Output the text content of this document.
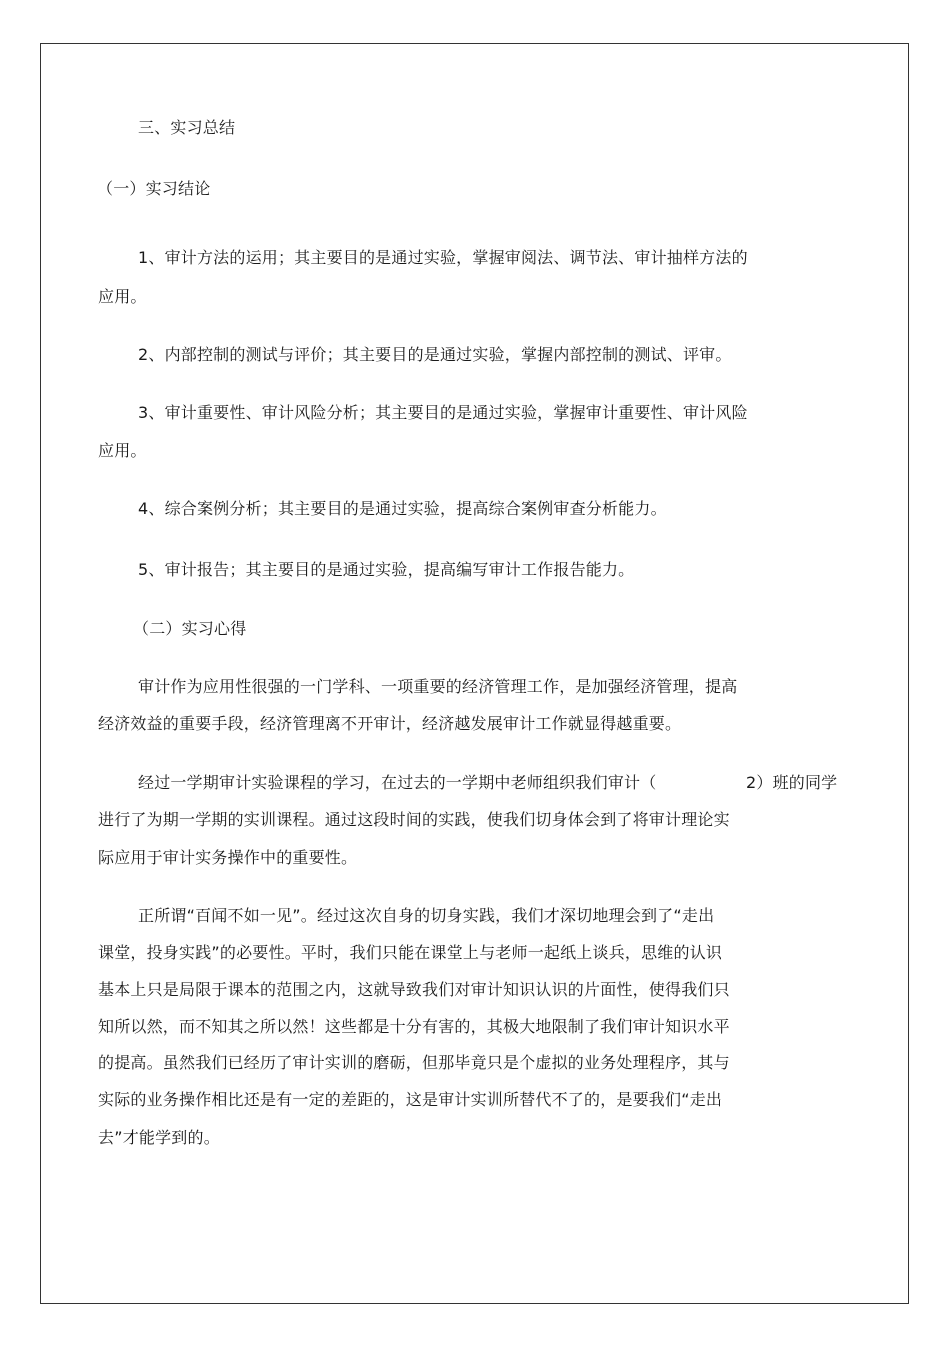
三、实习总结
（一）实习结论
1、审计方法的运用；其主要目的是通过实验，掌握审阅法、调节法、审计抽样方法的
应用。
2、内部控制的测试与评价；其主要目的是通过实验，掌握内部控制的测试、评审。
3、审计重要性、审计风险分析；其主要目的是通过实验，掌握审计重要性、审计风险
应用。
4、综合案例分析；其主要目的是通过实验，提高综合案例审查分析能力。
5、审计报告；其主要目的是通过实验，提高编写审计工作报告能力。
（二）实习心得
审计作为应用性很强的一门学科、一项重要的经济管理工作，是加强经济管理，提高
经济效益的重要手段，经济管理离不开审计，经济越发展审计工作就显得越重要。
经过一学期审计实验课程的学习，在过去的一学期中老师组织我们审计（	2）班的同学
进行了为期一学期的实训课程。通过这段时间的实践，使我们切身体会到了将审计理论实
际应用于审计实务操作中的重要性。
正所谓“百闻不如一见”。经过这次自身的切身实践，我们才深切地理会到了“走出
课堂，投身实践”的必要性。平时，我们只能在课堂上与老师一起纸上谈兵，思维的认识
基本上只是局限于课本的范围之内，这就导致我们对审计知识认识的片面性，使得我们只
知所以然，而不知其之所以然！这些都是十分有害的，其极大地限制了我们审计知识水平
的提高。虽然我们已经历了审计实训的磨砺，但那毕竟只是个虚拟的业务处理程序，其与
实际的业务操作相比还是有一定的差距的，这是审计实训所替代不了的，是要我们“走出
去”才能学到的。
